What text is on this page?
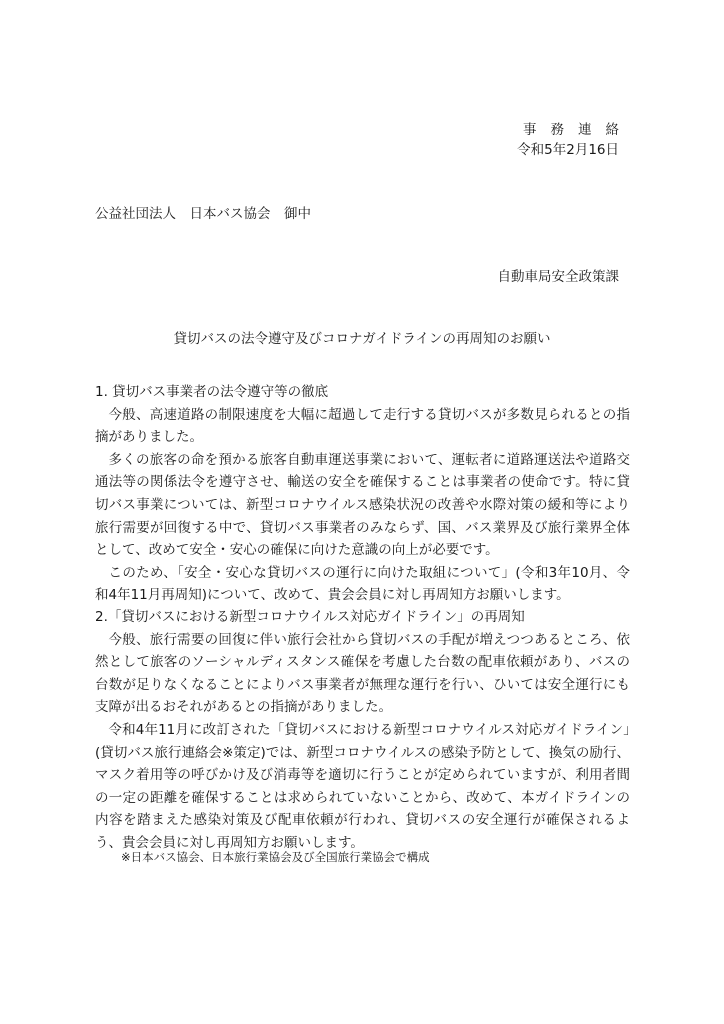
事務連絡
令和5年2月16日
公益社団法人　日本バス協会　御中
自動車局安全政策課
貸切バスの法令遵守及びコロナガイドラインの再周知のお願い
1. 貸切バス事業者の法令遵守等の徹底

今般、高速道路の制限速度を大幅に超過して走行する貸切バスが多数見られるとの指摘がありました。

多くの旅客の命を預かる旅客自動車運送事業において、運転者に道路運送法や道路交通法等の関係法令を遵守させ、輸送の安全を確保することは事業者の使命です。特に貸切バス事業については、新型コロナウイルス感染状況の改善や水際対策の緩和等により旅行需要が回復する中で、貸切バス事業者のみならず、国、バス業界及び旅行業界全体として、改めて安全・安心の確保に向けた意識の向上が必要です。

このため、「安全・安心な貸切バスの運行に向けた取組について」(令和3年10月、令和4年11月再周知)について、改めて、貴会会員に対し再周知方お願いします。

2.「貸切バスにおける新型コロナウイルス対応ガイドライン」の再周知

今般、旅行需要の回復に伴い旅行会社から貸切バスの手配が増えつつあるところ、依然として旅客のソーシャルディスタンス確保を考慮した台数の配車依頼があり、バスの台数が足りなくなることによりバス事業者が無理な運行を行い、ひいては安全運行にも支障が出るおそれがあるとの指摘がありました。

令和4年11月に改訂された「貸切バスにおける新型コロナウイルス対応ガイドライン」(貸切バス旅行連絡会※策定)では、新型コロナウイルスの感染予防として、換気の励行、マスク着用等の呼びかけ及び消毒等を適切に行うことが定められていますが、利用者間の一定の距離を確保することは求められていないことから、改めて、本ガイドラインの内容を踏まえた感染対策及び配車依頼が行われ、貸切バスの安全運行が確保されるよう、貴会会員に対し再周知方お願いします。

※日本バス協会、日本旅行業協会及び全国旅行業協会で構成
